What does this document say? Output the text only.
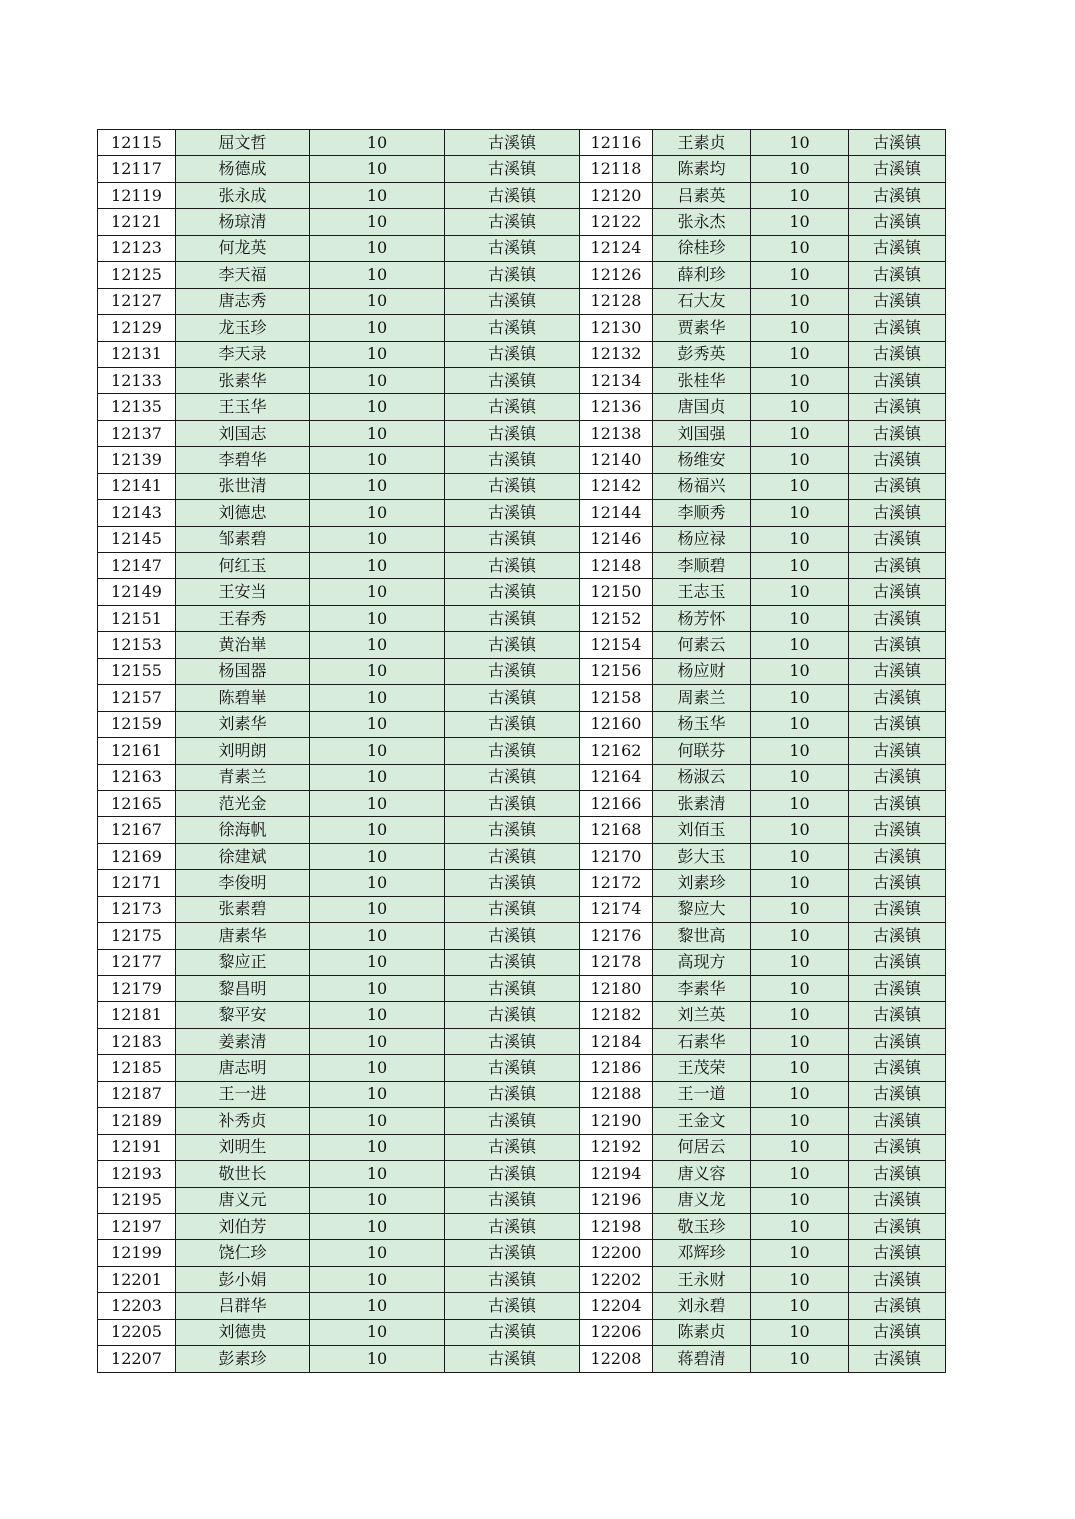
12115	屈文哲	10	古溪镇	12116	王素贞	10	古溪镇
12117	杨德成	10	古溪镇	12118	陈素均	10	古溪镇
12119	张永成	10	古溪镇	12120	吕素英	10	古溪镇
12121	杨琼清	10	古溪镇	12122	张永杰	10	古溪镇
12123	何龙英	10	古溪镇	12124	徐桂珍	10	古溪镇
12125	李天福	10	古溪镇	12126	薛利珍	10	古溪镇
12127	唐志秀	10	古溪镇	12128	石大友	10	古溪镇
12129	龙玉珍	10	古溪镇	12130	贾素华	10	古溪镇
12131	李天录	10	古溪镇	12132	彭秀英	10	古溪镇
12133	张素华	10	古溪镇	12134	张桂华	10	古溪镇
12135	王玉华	10	古溪镇	12136	唐国贞	10	古溪镇
12137	刘国志	10	古溪镇	12138	刘国强	10	古溪镇
12139	李碧华	10	古溪镇	12140	杨维安	10	古溪镇
12141	张世清	10	古溪镇	12142	杨福兴	10	古溪镇
12143	刘德忠	10	古溪镇	12144	李顺秀	10	古溪镇
12145	邹素碧	10	古溪镇	12146	杨应禄	10	古溪镇
12147	何红玉	10	古溪镇	12148	李顺碧	10	古溪镇
12149	王安当	10	古溪镇	12150	王志玉	10	古溪镇
12151	王春秀	10	古溪镇	12152	杨芳怀	10	古溪镇
12153	黄治崋	10	古溪镇	12154	何素云	10	古溪镇
12155	杨国器	10	古溪镇	12156	杨应财	10	古溪镇
12157	陈碧崋	10	古溪镇	12158	周素兰	10	古溪镇
12159	刘素华	10	古溪镇	12160	杨玉华	10	古溪镇
12161	刘明朗	10	古溪镇	12162	何联芬	10	古溪镇
12163	青素兰	10	古溪镇	12164	杨淑云	10	古溪镇
12165	范光金	10	古溪镇	12166	张素清	10	古溪镇
12167	徐海帆	10	古溪镇	12168	刘佰玉	10	古溪镇
12169	徐建斌	10	古溪镇	12170	彭大玉	10	古溪镇
12171	李俊明	10	古溪镇	12172	刘素珍	10	古溪镇
12173	张素碧	10	古溪镇	12174	黎应大	10	古溪镇
12175	唐素华	10	古溪镇	12176	黎世高	10	古溪镇
12177	黎应正	10	古溪镇	12178	高现方	10	古溪镇
12179	黎昌明	10	古溪镇	12180	李素华	10	古溪镇
12181	黎平安	10	古溪镇	12182	刘兰英	10	古溪镇
12183	姜素清	10	古溪镇	12184	石素华	10	古溪镇
12185	唐志明	10	古溪镇	12186	王茂荣	10	古溪镇
12187	王一进	10	古溪镇	12188	王一道	10	古溪镇
12189	补秀贞	10	古溪镇	12190	王金文	10	古溪镇
12191	刘明生	10	古溪镇	12192	何居云	10	古溪镇
12193	敬世长	10	古溪镇	12194	唐义容	10	古溪镇
12195	唐义元	10	古溪镇	12196	唐义龙	10	古溪镇
12197	刘伯芳	10	古溪镇	12198	敬玉珍	10	古溪镇
12199	饶仁珍	10	古溪镇	12200	邓辉珍	10	古溪镇
12201	彭小娟	10	古溪镇	12202	王永财	10	古溪镇
12203	吕群华	10	古溪镇	12204	刘永碧	10	古溪镇
12205	刘德贵	10	古溪镇	12206	陈素贞	10	古溪镇
12207	彭素珍	10	古溪镇	12208	蒋碧清	10	古溪镇
